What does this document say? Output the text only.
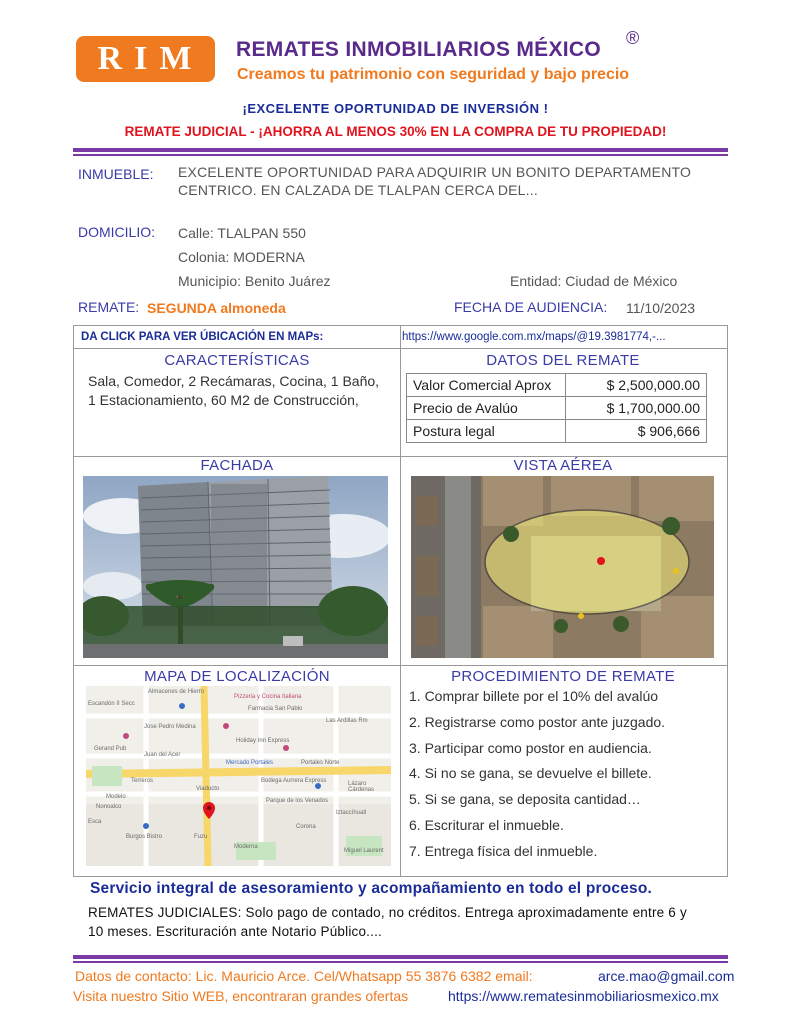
RIM REMATES INMOBILIARIOS MÉXICO ®
Creamos tu patrimonio con seguridad y bajo precio
¡EXCELENTE OPORTUNIDAD DE INVERSIÓN !
REMATE JUDICIAL - ¡AHORRA AL MENOS 30% EN LA COMPRA DE TU PROPIEDAD!
INMUEBLE: EXCELENTE OPORTUNIDAD PARA ADQUIRIR UN BONITO DEPARTAMENTO CENTRICO. EN CALZADA DE TLALPAN CERCA DEL...
DOMICILIO: Calle: TLALPAN 550
Colonia: MODERNA
Municipio: Benito Juárez	Entidad: Ciudad de México
REMATE: SEGUNDA almoneda	FECHA DE AUDIENCIA: 11/10/2023
DA CLICK PARA VER ÚBICACIÓN EN MAPs:	https://www.google.com.mx/maps/@19.3981774,-...
CARACTERÍSTICAS
Sala, Comedor, 2 Recámaras, Cocina, 1 Baño, 1 Estacionamiento, 60 M2 de Construcción,
DATOS DEL REMATE
Valor Comercial Aprox	$ 2,500,000.00
Precio de Avalúo	$ 1,700,000.00
Postura legal	$ 906,666
FACHADA	VISTA AÉREA
MAPA DE LOCALIZACIÓN
Almacenes de Hierro
Pizzeria y Cocina Italiana
Escandón II Secc
Farmacia San Pablo
Las Ardillas Rm
Jose Pedro Medina
Holiday Inn Express
Gerand Pub
Mercado Portales	Portales Norte
Juan del Acer
Bodega Aurrera Express
Terreros
Viaducto
Lázaro Cárdenas
Modelo
Parque de los Venados
Iztaccíhuatl
Nonoalco
Esca
Corona
Burgos Bistro	Fuzu
Moderna
Miguel Laurent
PROCEDIMIENTO DE REMATE
1. Comprar billete por el 10% del avalúo
2. Registrarse como postor ante juzgado.
3. Participar como postor en audiencia.
4. Si no se gana, se devuelve el billete.
5. Si se gana, se deposita cantidad…
6. Escriturar el inmueble.
7. Entrega física del inmueble.
Servicio integral de asesoramiento y acompañamiento en todo el proceso.
REMATES JUDICIALES: Solo pago de contado, no créditos. Entrega aproximadamente entre 6 y 10 meses. Escrituración ante Notario Público....
Datos de contacto: Lic. Mauricio Arce. Cel/Whatsapp 55 3876 6382 email:	arce.mao@gmail.com
Visita nuestro Sitio WEB, encontraran grandes ofertas	https://www.rematesinmobiliariosmexico.mx
